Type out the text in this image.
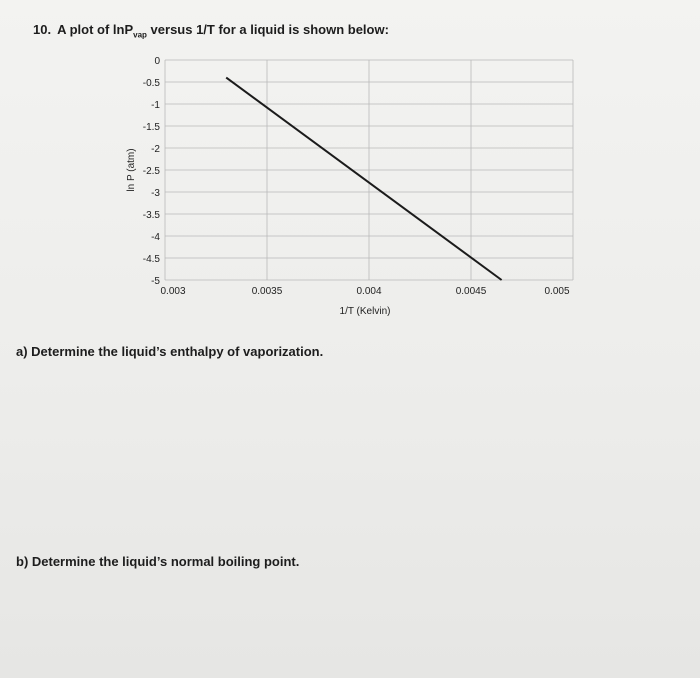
10. A plot of lnP$_{vap}$ versus 1/T for a liquid is shown below:
0
-0.5
-1
-1.5
-2
-2.5
-3
-3.5
-4
-4.5
-5
0.003	0.0035	0.004	0.0045	0.005
ln P (atm)
1/T (Kelvin)
a) Determine the liquid’s enthalpy of vaporization.
b) Determine the liquid’s normal boiling point.
